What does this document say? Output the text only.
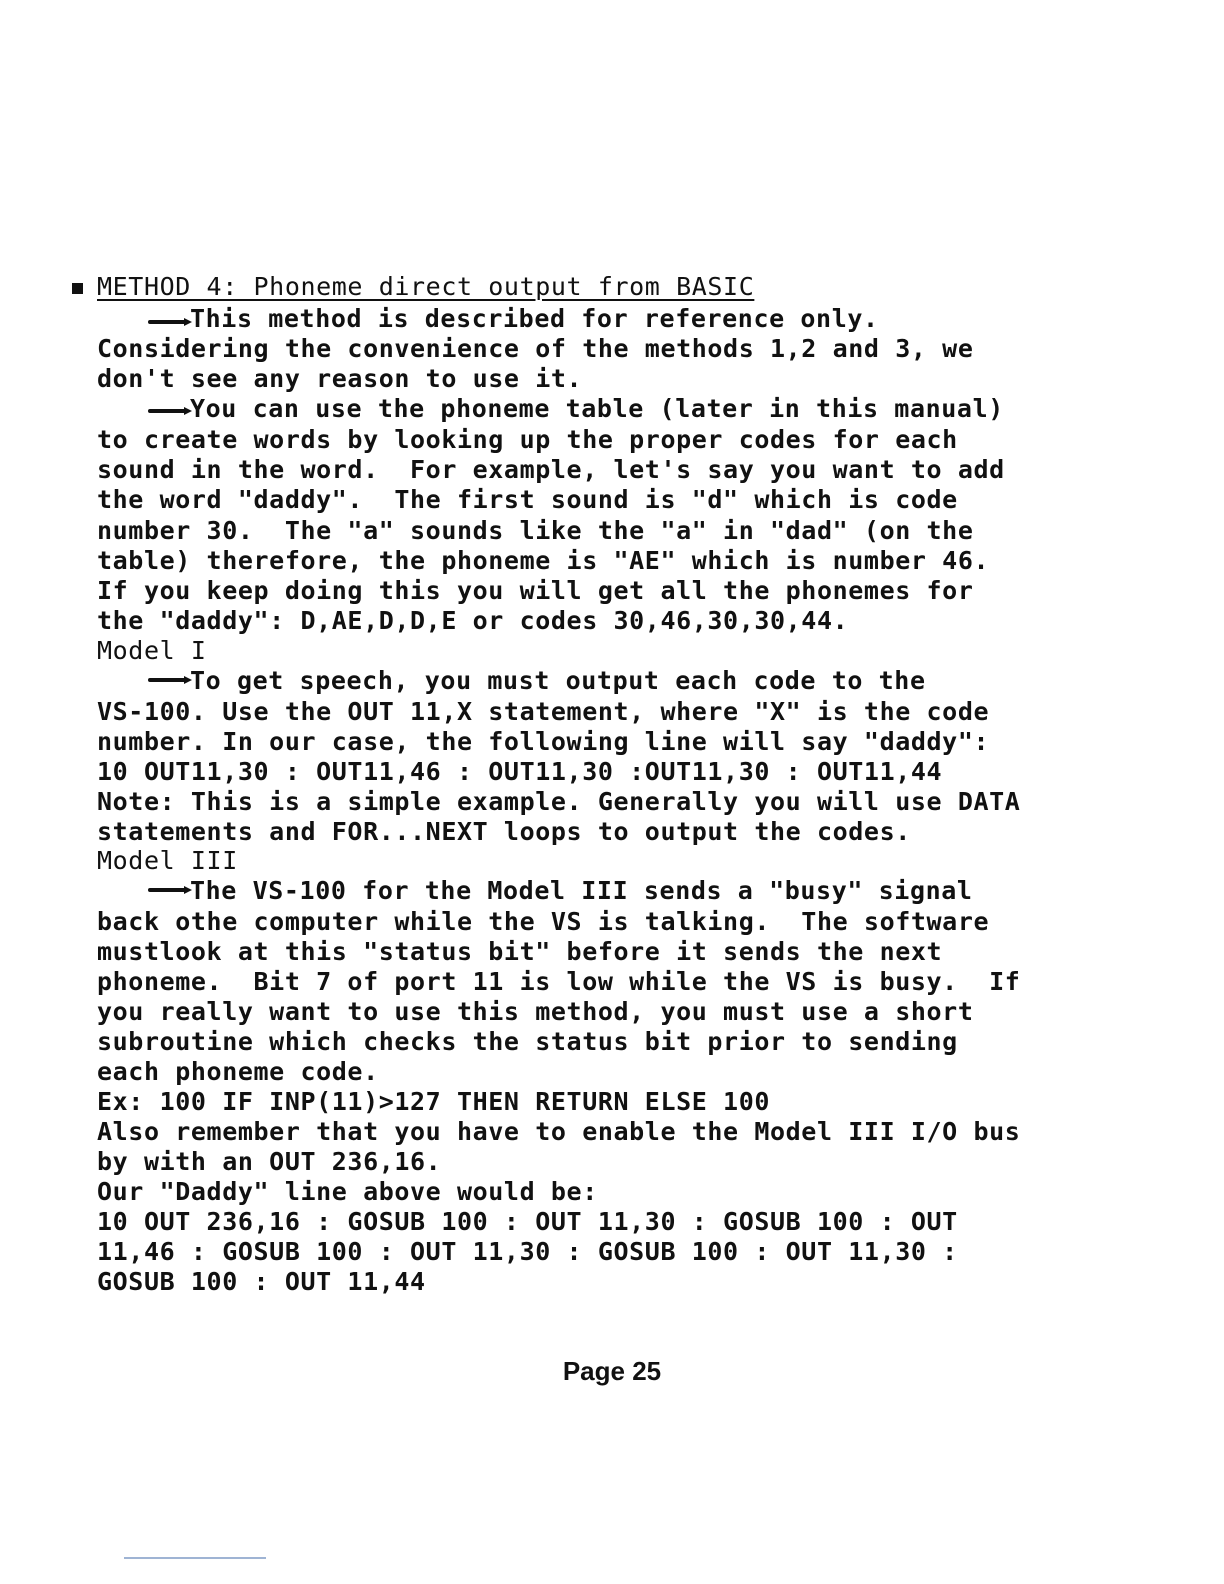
METHOD 4: Phoneme direct output from BASIC
This method is described for reference only.
Considering the convenience of the methods 1,2 and 3, we
don't see any reason to use it.
You can use the phoneme table (later in this manual)
to create words by looking up the proper codes for each
sound in the word.  For example, let's say you want to add
the word "daddy".  The first sound is "d" which is code
number 30.  The "a" sounds like the "a" in "dad" (on the
table) therefore, the phoneme is "AE" which is number 46.
If you keep doing this you will get all the phonemes for
the "daddy": D,AE,D,D,E or codes 30,46,30,30,44.
Model I
To get speech, you must output each code to the
VS-100. Use the OUT 11,X statement, where "X" is the code
number. In our case, the following line will say "daddy":
10 OUT11,30 : OUT11,46 : OUT11,30 :OUT11,30 : OUT11,44
Note: This is a simple example. Generally you will use DATA
statements and FOR...NEXT loops to output the codes.
Model III
The VS-100 for the Model III sends a "busy" signal
back othe computer while the VS is talking.  The software
mustlook at this "status bit" before it sends the next
phoneme.  Bit 7 of port 11 is low while the VS is busy.  If
you really want to use this method, you must use a short
subroutine which checks the status bit prior to sending
each phoneme code.
Ex: 100 IF INP(11)>127 THEN RETURN ELSE 100
Also remember that you have to enable the Model III I/O bus
by with an OUT 236,16.
Our "Daddy" line above would be:
10 OUT 236,16 : GOSUB 100 : OUT 11,30 : GOSUB 100 : OUT
11,46 : GOSUB 100 : OUT 11,30 : GOSUB 100 : OUT 11,30 :
GOSUB 100 : OUT 11,44
Page 25
